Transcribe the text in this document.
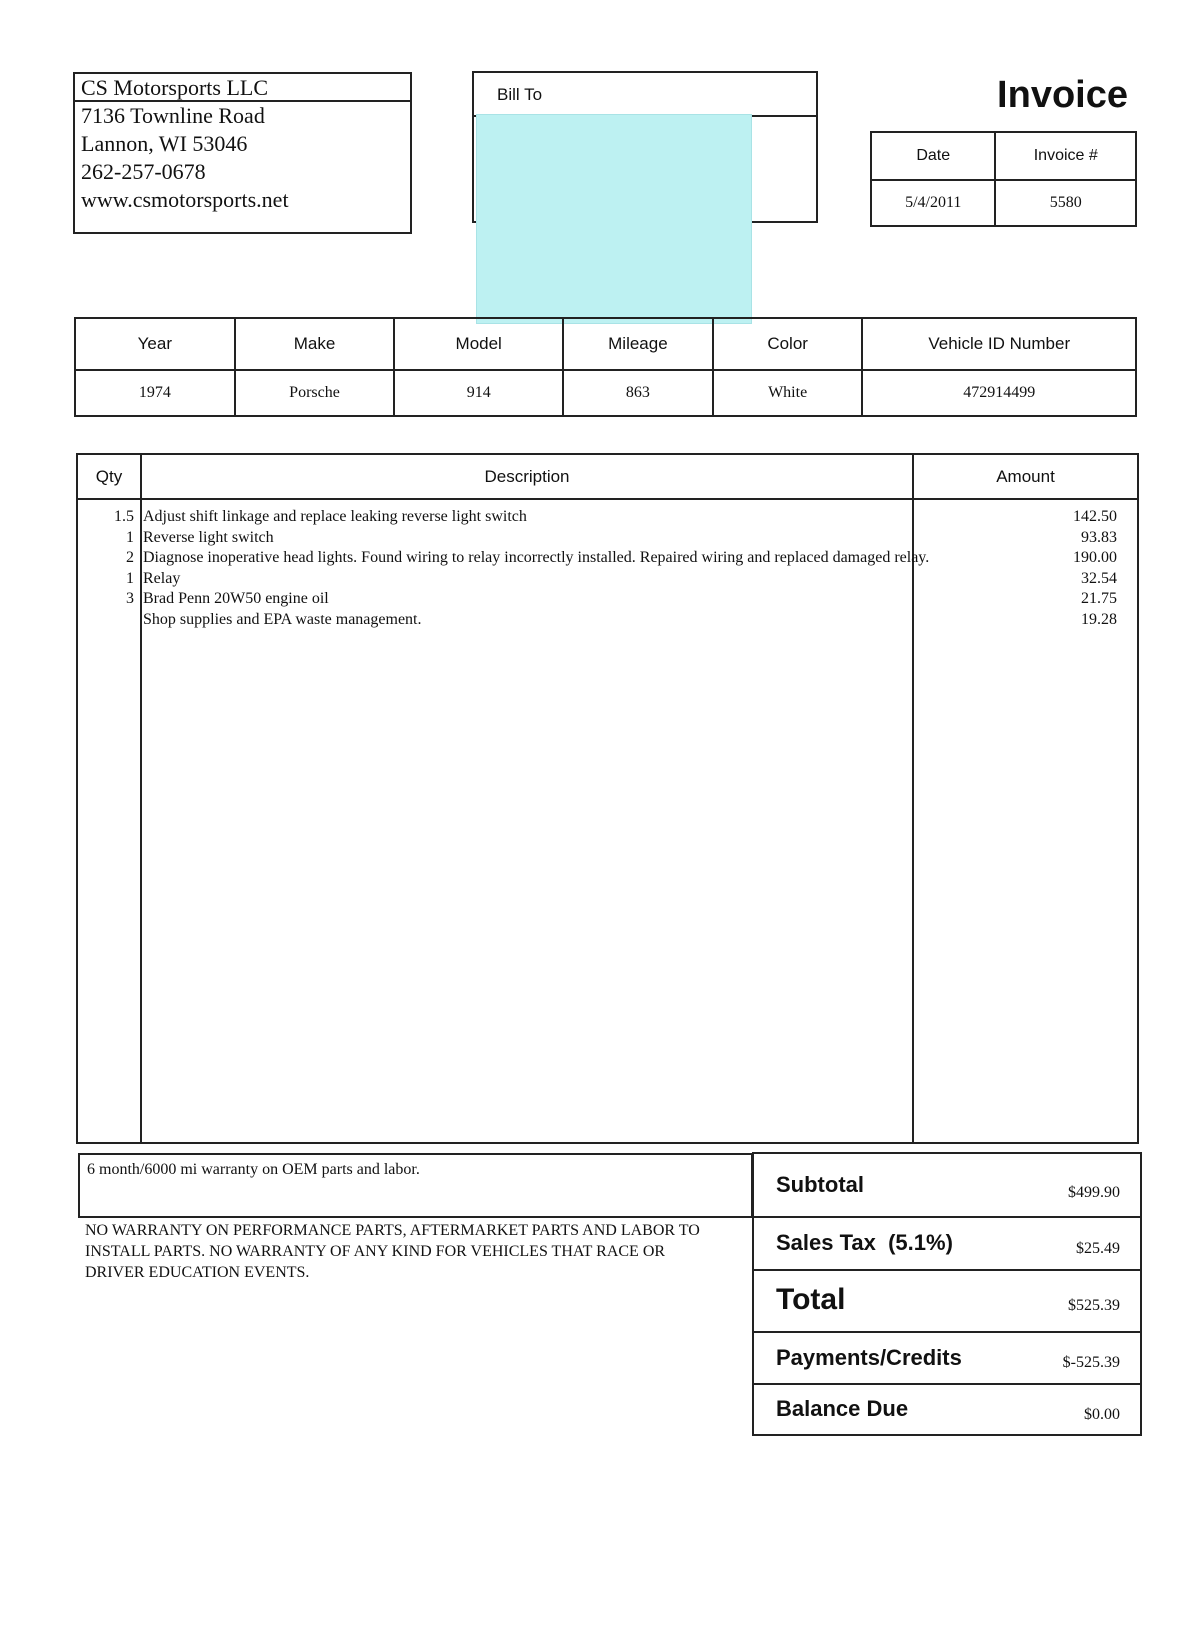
CS Motorsports LLC
7136 Townline Road
Lannon, WI 53046
262-257-0678
www.csmotorsports.net
Bill To	Invoice
Date	Invoice #
5/4/2011	5580
Year	Make	Model	Mileage	Color	Vehicle ID Number
1974	Porsche	914	863	White	472914499
Qty	Description	Amount
1.5 Adjust shift linkage and replace leaking reverse light switch	142.50
1 Reverse light switch	93.83
2 Diagnose inoperative head lights. Found wiring to relay incorrectly installed. Repaired wiring and replaced damaged relay.	190.00
1 Relay	32.54
3 Brad Penn 20W50 engine oil	21.75
Shop supplies and EPA waste management.	19.28
6 month/6000 mi warranty on OEM parts and labor.
NO WARRANTY ON PERFORMANCE PARTS, AFTERMARKET PARTS AND LABOR TO INSTALL PARTS. NO WARRANTY OF ANY KIND FOR VEHICLES THAT RACE OR DRIVER EDUCATION EVENTS.
Subtotal	$499.90
Sales Tax  (5.1%)	$25.49
Total	$525.39
Payments/Credits	$-525.39
Balance Due	$0.00
